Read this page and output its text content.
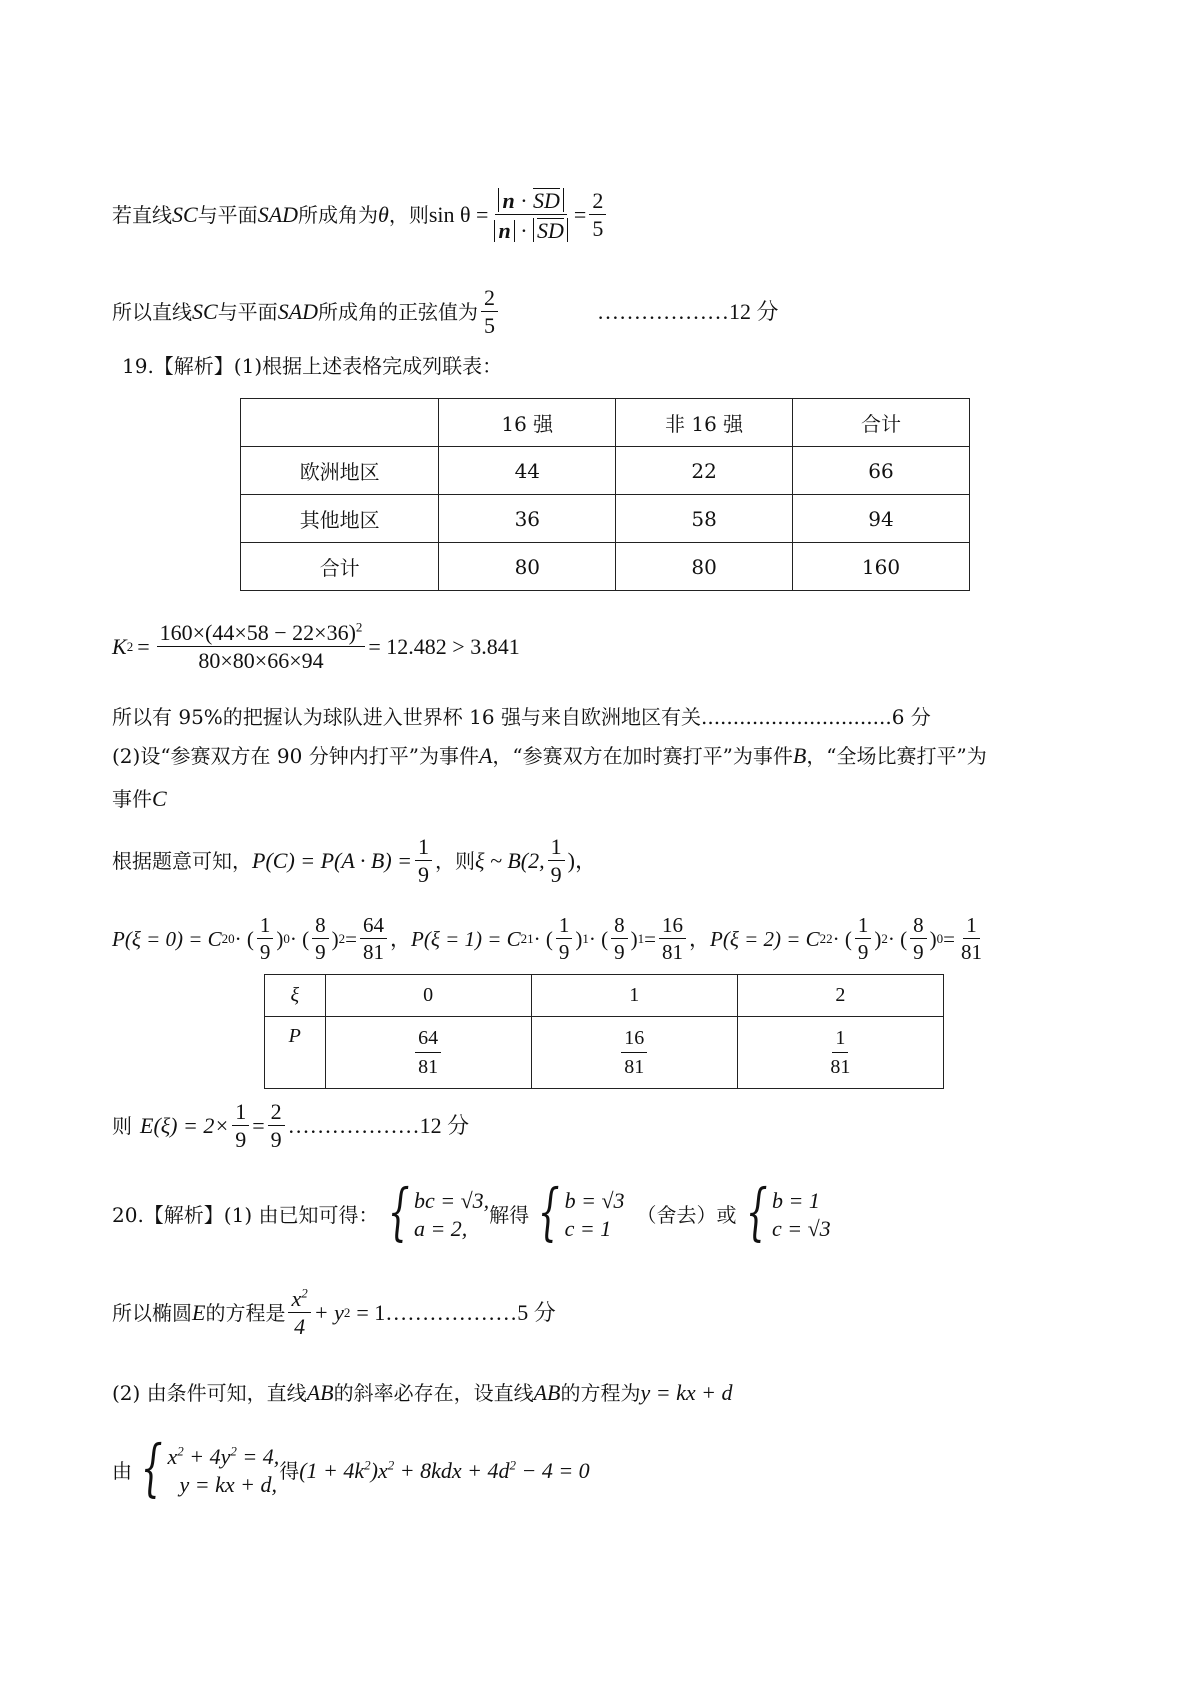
若直线 SC 与平面 SAD 所成角为 θ ，则 $\sin \theta = \frac{n \cdot SD}{n \cdot SD} = \frac{2}{5}$
所以直线 SC 与平面 SAD 所成角的正弦值为 $\frac{2}{5}$	………………12 分
19.【解析】(1)根据上述表格完成列联表：
	16 强	非 16 强	合计
欧洲地区	44	22	66
其他地区	36	58	94
合计	80	80	160
K $2 = \frac{160\times(44\times 58 - 22\times 36)^2}{80\times 80\times 66\times 94} = 12.482 > 3.841$
所以有 95%的把握认为球队进入世界杯 16 强与来自欧洲地区有关..............................6 分
(2)设“参赛双方在 90 分钟内打平”为事件 A ，“参赛双方在加时赛打平”为事件 B ，“全场比赛打平”为
事件 C
根据题意可知， $P(C) = P(A \cdot B) = \frac{1}{9}$ ，则 ξ ~ B(2, $\frac{1}{9}$ )，
P(ξ = 0) = C 2 0 · ( $\frac{1}{9}$ ) 0 · ( $\frac{8}{9}$ ) $2 = \frac{64}{81}$ ， P(ξ = 1) = C 2 1 · ( $\frac{1}{9}$ ) 1 · ( $\frac{8}{9}$ ) $1 = \frac{16}{81}$ ， P(ξ = 2) = C 2 2 · ( $\frac{1}{9}$ ) 2 · ( $\frac{8}{9}$ ) $0 = \frac{1}{81}$
ξ	0	1	2
P	$\frac{64}{81}$	$\frac{16}{81}$	$\frac{1}{81}$
则 $E(\xi) = 2\times \frac{1}{9} = \frac{2}{9}$ ………………12 分
20.【解析】(1) 由已知可得： { bc = √3,
a = 2,
解得 { b = √3
c = 1
（舍去）或 { b = 1
c = √3
所以椭圆 E 的方程是 $\frac{x^2}{4} + y$ 2 = 1 ………………5 分
(2) 由条件可知，直线 AB 的斜率必存在，设直线 AB 的方程为 y = kx + d
由 { $x^2 + 4y^2 = 4$,
y = kx + d,
得 $(1 + 4k^2)x^2 + 8kdx + 4d^2 - 4 = 0$
